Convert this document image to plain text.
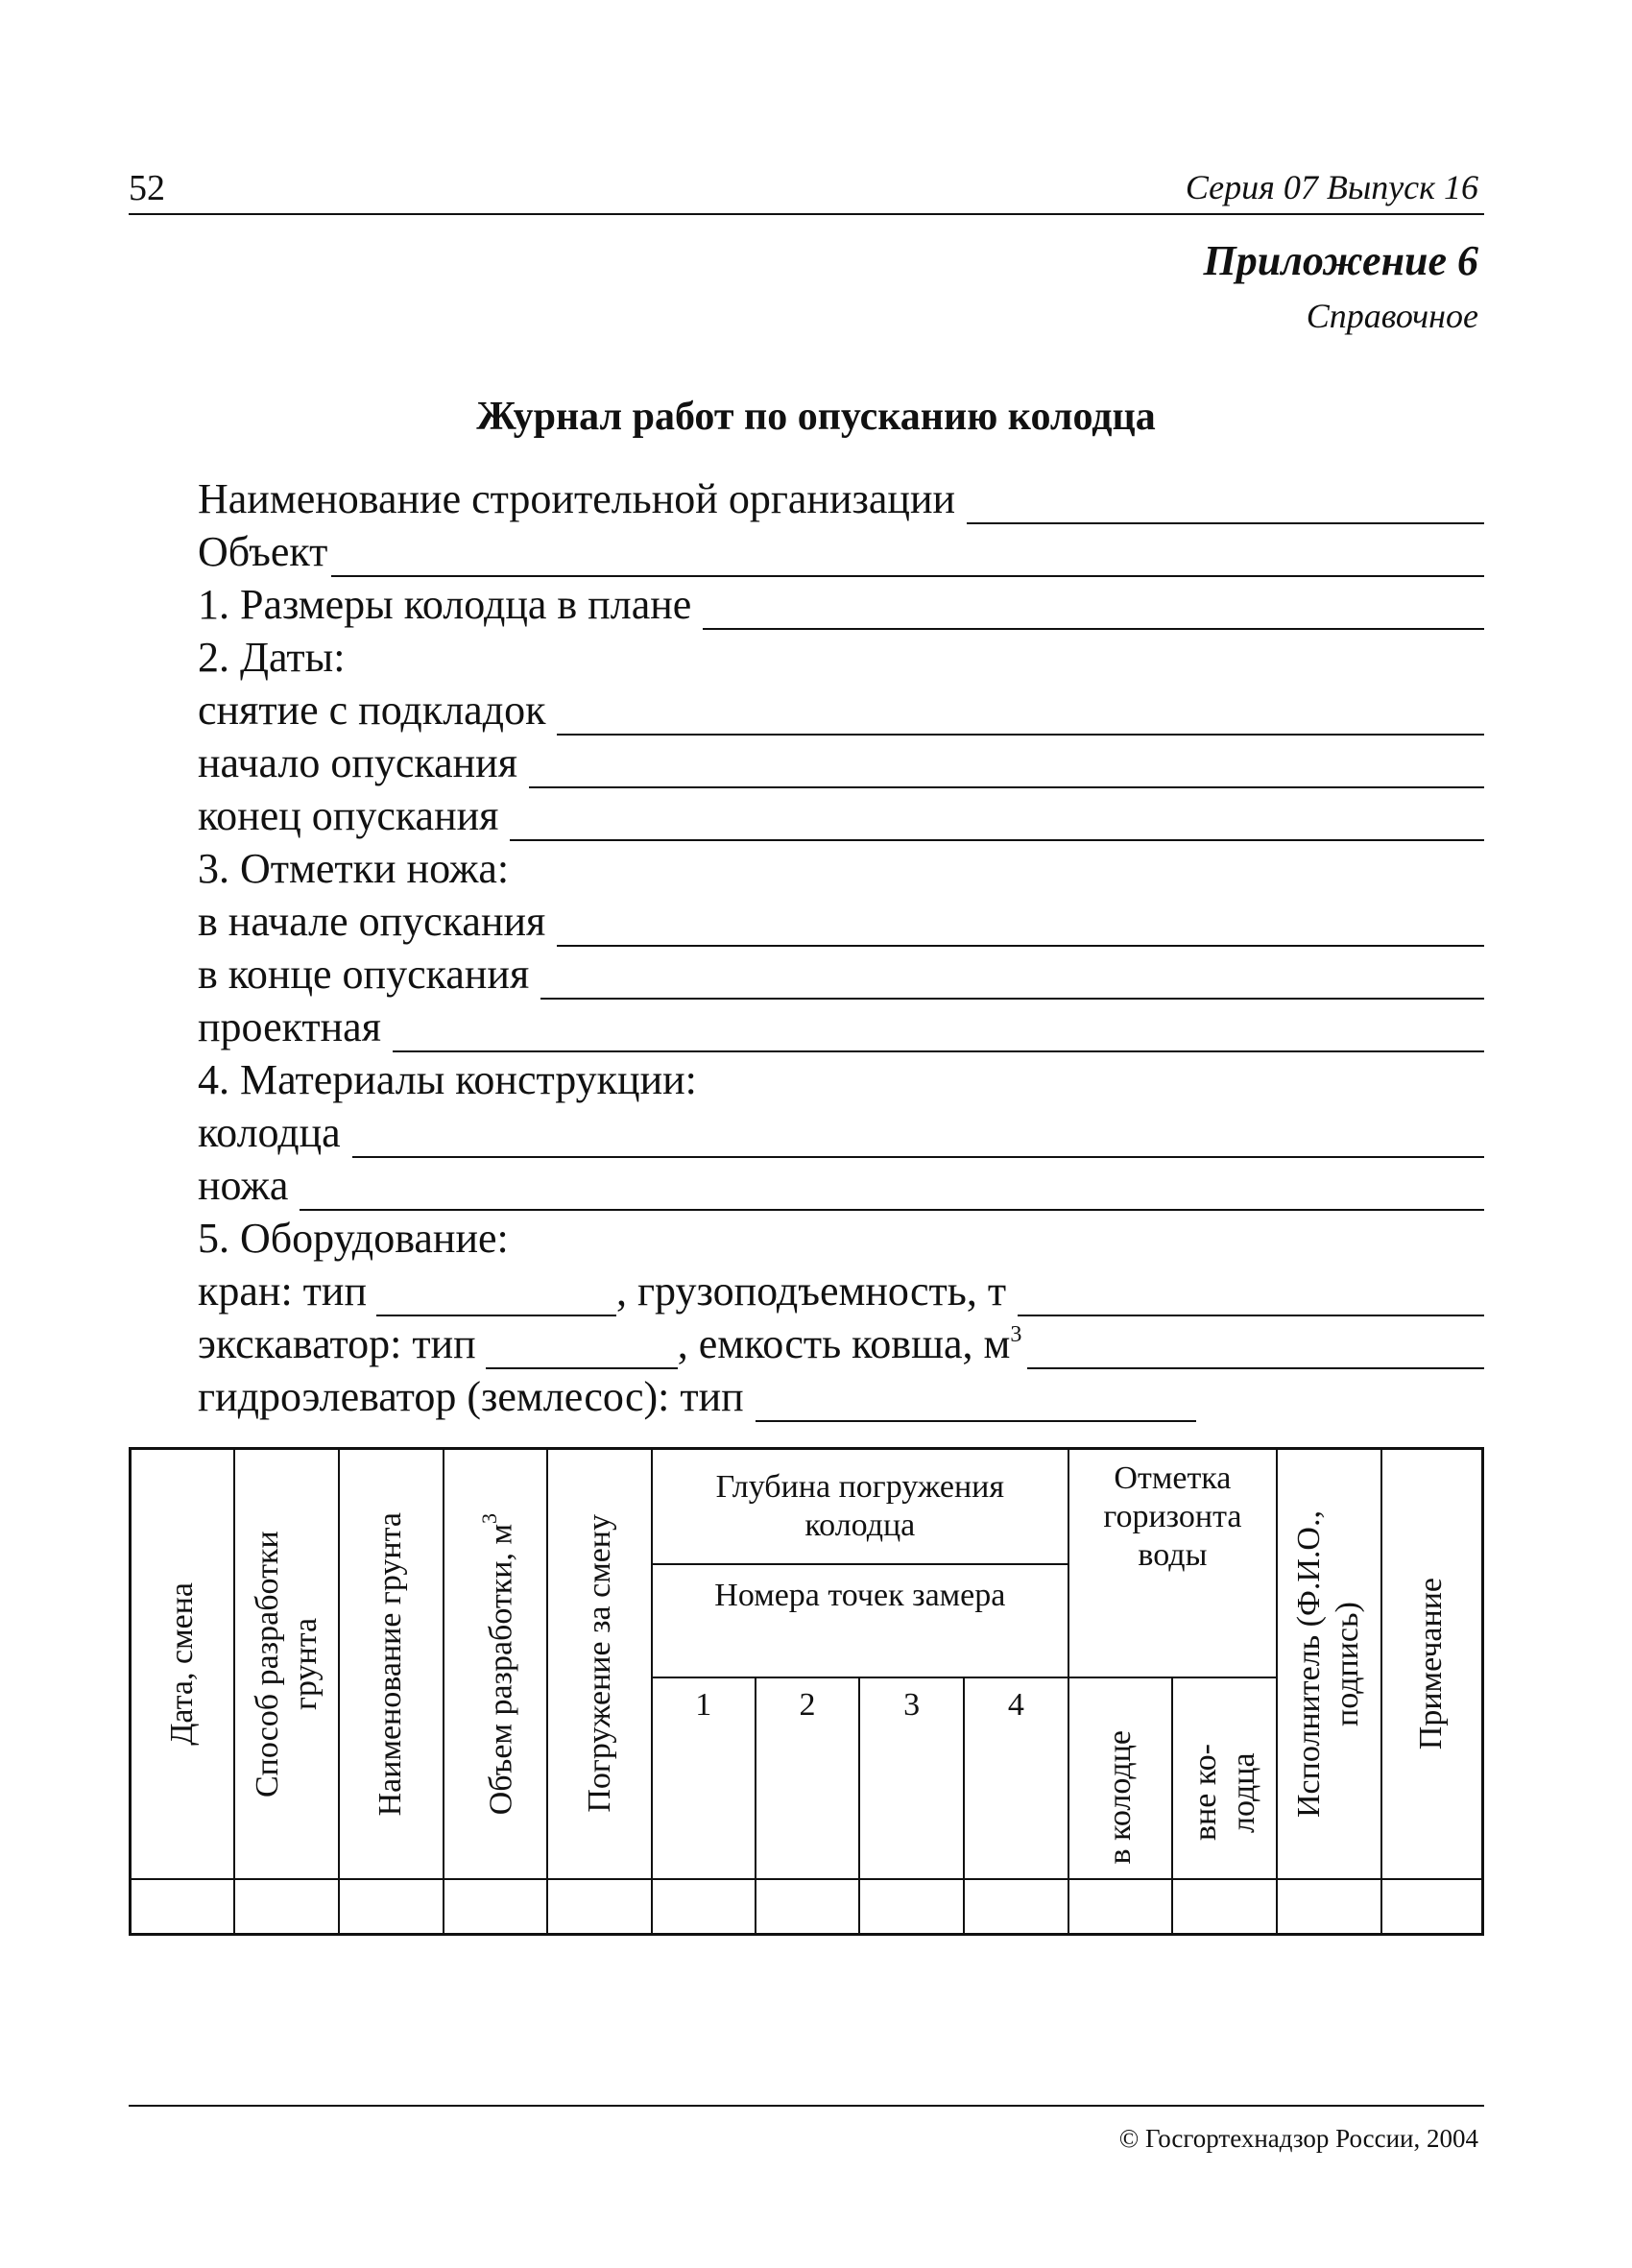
52	Серия 07 Выпуск 16
Приложение 6
Справочное
Журнал работ по опусканию колодца
Наименование строительной организации
Объект
1. Размеры колодца в плане
2. Даты:
снятие с подкладок
начало опускания
конец опускания
3. Отметки ножа:
в начале опускания
в конце опускания
проектная
4. Материалы конструкции:
колодца
ножа
5. Оборудование:
кран: тип	, грузоподъемность, т
экскаватор: тип	, емкость ковша, $м^3$
гидроэлеватор (землесос): тип
Дата, смена	Способ разработки грунта	Наименование грунта	Объем разработки, $м^3$	Погружение за смену	Глубина погружения колодца				Отметка горизонта воды		Исполнитель (Ф.И.О., подпись)	Примечание

					Номера точек замера							
					1	2	3	4	в колодце	вне ко-лодца		

© Госгортехнадзор России, 2004
